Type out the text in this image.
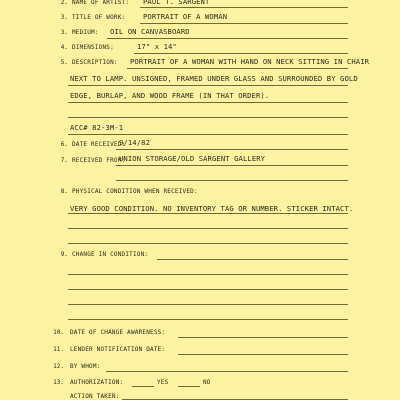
2. NAME OF ARTIST: PAUL T. SARGENT
3. TITLE OF WORK: PORTRAIT OF A WOMAN
3. MEDIUM: OIL ON CANVASBOARD
4. DIMENSIONS:	17" x 14"
5. DESCRIPTION: PORTRAIT OF A WOMAN WITH HAND ON NECK SITTING IN CHAIR
NEXT TO LAMP. UNSIGNED, FRAMED UNDER GLASS AND SURROUNDED BY GOLD
EDGE, BURLAP, AND WOOD FRAME (IN THAT ORDER).
ACC# 82-3M-1
6. DATE RECEIVED:
9/14/82
7. RECEIVED FROM:
UNION STORAGE/OLD SARGENT GALLERY
8. PHYSICAL CONDITION WHEN RECEIVED:
VERY GOOD CONDITION. NO INVENTORY TAG OR NUMBER. STICKER INTACT.
9. CHANGE IN CONDITION:
10. DATE OF CHANGE AWARENESS:
11. LENDER NOTIFICATION DATE:
12. BY WHOM:
13. AUTHORIZATION:	YES	NO
ACTION TAKEN:
